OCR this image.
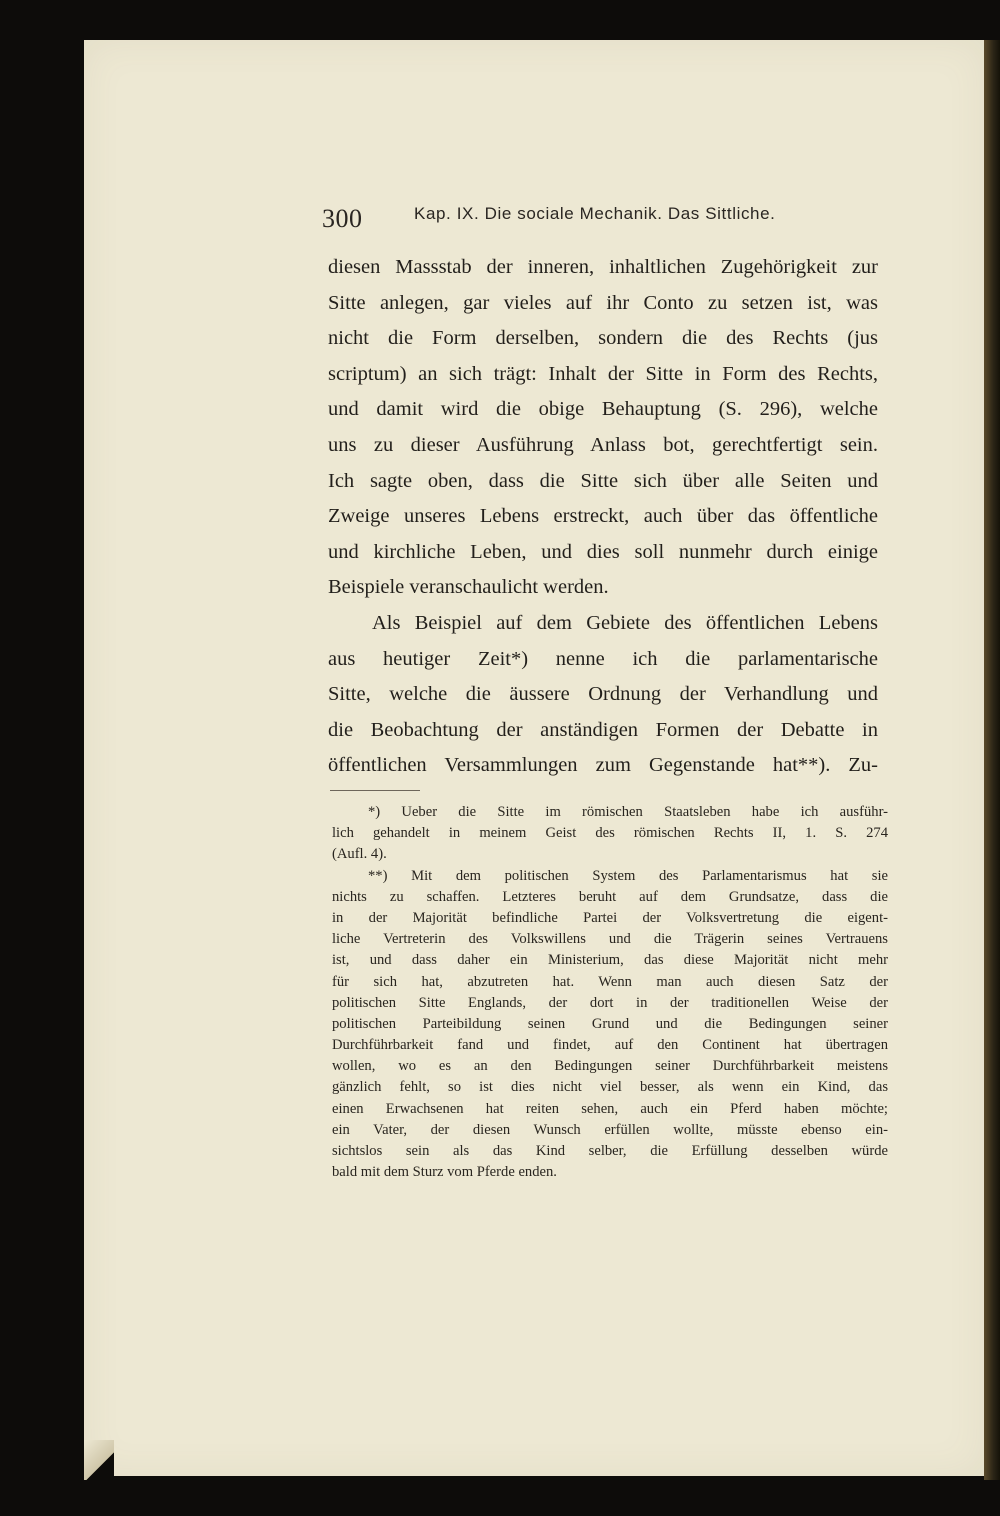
300	Kap. IX. Die sociale Mechanik. Das Sittliche.
diesen Massstab der inneren, inhaltlichen Zugehörigkeit zur
Sitte anlegen, gar vieles auf ihr Conto zu setzen ist, was
nicht die Form derselben, sondern die des Rechts (jus
scriptum) an sich trägt: Inhalt der Sitte in Form des Rechts,
und damit wird die obige Behauptung (S. 296), welche
uns zu dieser Ausführung Anlass bot, gerechtfertigt sein.
Ich sagte oben, dass die Sitte sich über alle Seiten und
Zweige unseres Lebens erstreckt, auch über das öffentliche
und kirchliche Leben, und dies soll nunmehr durch einige
Beispiele veranschaulicht werden.
Als Beispiel auf dem Gebiete des öffentlichen Lebens
aus heutiger Zeit*) nenne ich die parlamentarische
Sitte, welche die äussere Ordnung der Verhandlung und
die Beobachtung der anständigen Formen der Debatte in
öffentlichen Versammlungen zum Gegenstande hat**). Zu-
*) Ueber die Sitte im römischen Staatsleben habe ich ausführ-
lich gehandelt in meinem Geist des römischen Rechts II, 1. S. 274
(Aufl. 4).
**) Mit dem politischen System des Parlamentarismus hat sie
nichts zu schaffen. Letzteres beruht auf dem Grundsatze, dass die
in der Majorität befindliche Partei der Volksvertretung die eigent-
liche Vertreterin des Volkswillens und die Trägerin seines Vertrauens
ist, und dass daher ein Ministerium, das diese Majorität nicht mehr
für sich hat, abzutreten hat. Wenn man auch diesen Satz der
politischen Sitte Englands, der dort in der traditionellen Weise der
politischen Parteibildung seinen Grund und die Bedingungen seiner
Durchführbarkeit fand und findet, auf den Continent hat übertragen
wollen, wo es an den Bedingungen seiner Durchführbarkeit meistens
gänzlich fehlt, so ist dies nicht viel besser, als wenn ein Kind, das
einen Erwachsenen hat reiten sehen, auch ein Pferd haben möchte;
ein Vater, der diesen Wunsch erfüllen wollte, müsste ebenso ein-
sichtslos sein als das Kind selber, die Erfüllung desselben würde
bald mit dem Sturz vom Pferde enden.
